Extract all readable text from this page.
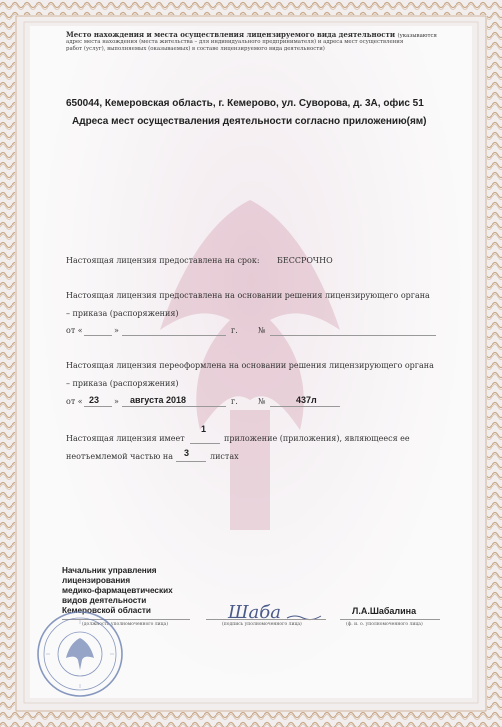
Место нахождения и места осуществления лицензируемого вида деятельности (указываются
адрес места нахождения (места жительства – для индивидуального предпринимателя) и адреса мест осуществления
работ (услуг), выполняемых (оказываемых) в составе лицензируемого вида деятельности)
650044, Кемеровская область, г. Кемерово, ул. Суворова, д. 3А, офис 51
Адреса мест осуществаления деятельности согласно приложению(ям)
Настоящая лицензия предоставлена на срок: БЕССРОЧНО
Настоящая лицензия предоставлена на основании решения лицензирующего органа
– приказа (распоряжения)
от «	»	г.	№
Настоящая лицензия переоформлена на основании решения лицензирующего органа
– приказа (распоряжения)
от « 23 » августа 2018	г.	№	437л
1
Настоящая лицензия имеет	приложение (приложения), являющееся ее
неотъемлемой частью на 3	листах
Начальник управления
лицензирования
медико-фармацевтических
видов деятельности
Кемеровской области
(должность уполномоченного лица)
Шаба
(подпись уполномоченного лица)
Л.А.Шабалина
(ф. и. о. уполномоченного лица)
